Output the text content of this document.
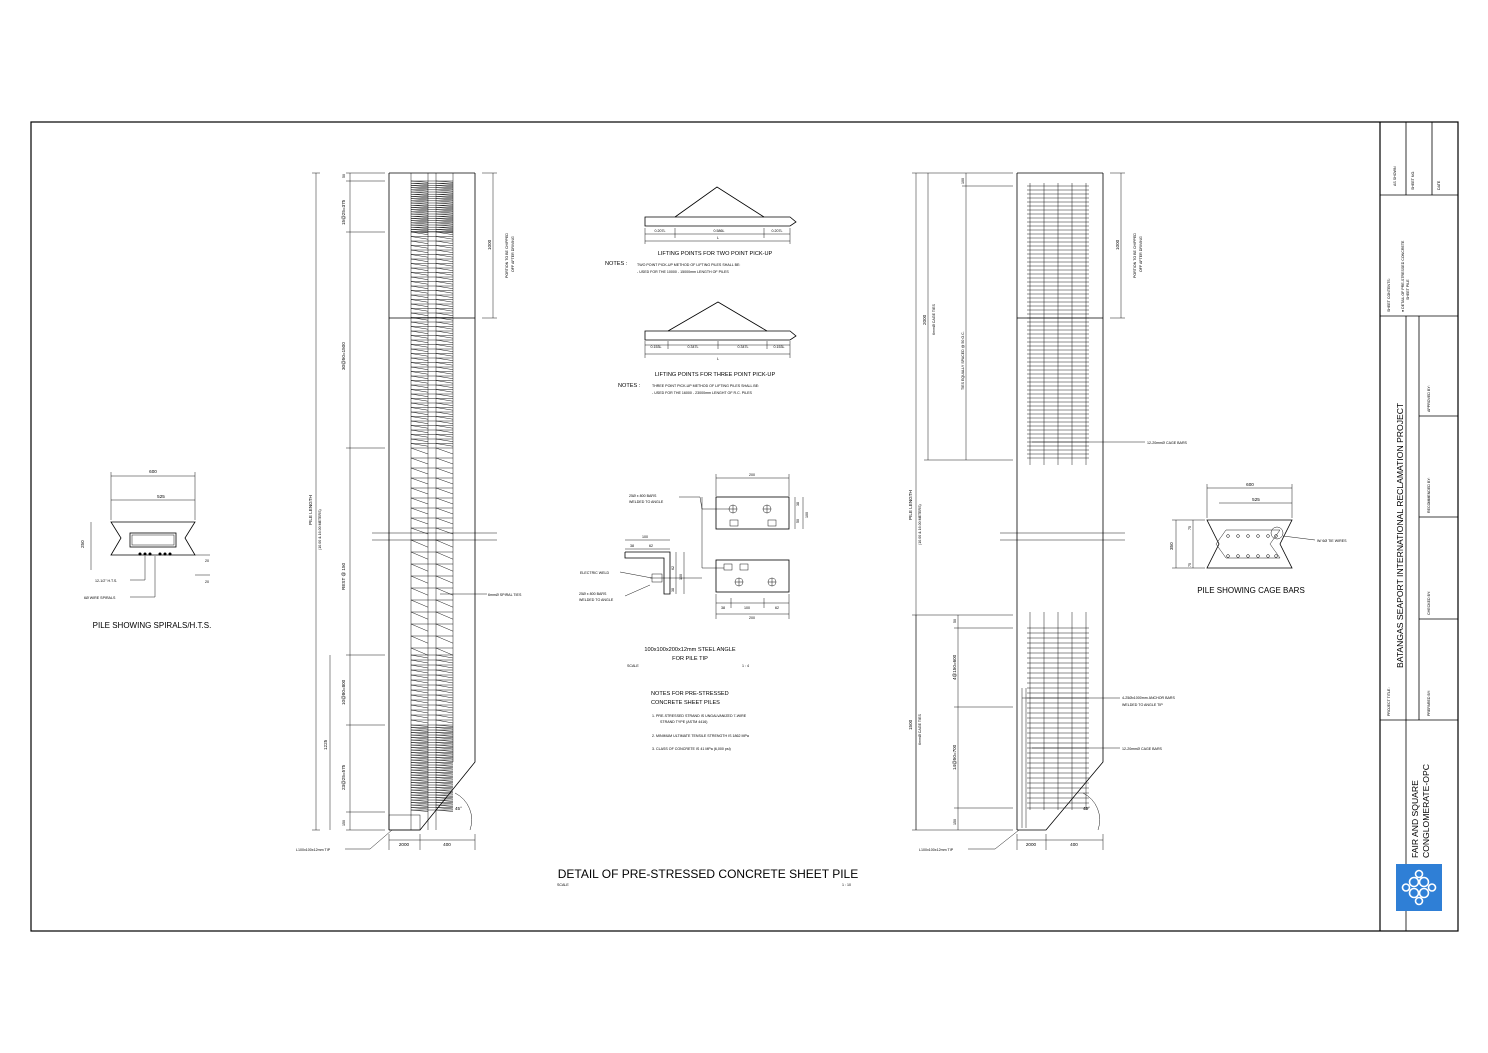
600
525
250
20
20
12-1/2" H.T.S.
6Ø WIRE SPIRALS
PILE SHOWING SPIRALS/H.T.S.
45°
50
15@25=375
30@50=1500
REST @ 150
10@80=800
23@25=575
150
1225
PILE LENGTH (10.00 & 16.00 METERS)
1000	PORTION TO BE CHIPPED OFF AFTER DRIVING
6mmØ SPIRAL TIES
2000	400
L100x100x12mm TIP
0.207L	0.586L	0.207L
L
LIFTING POINTS FOR TWO POINT PICK-UP
NOTES :	TWO POINT PICK-UP METHOD OF LIFTING PILES SHALL BE:
- USED FOR THE 10000 - 15000mm LENGTH OF PILES
0.153L	0.347L	0.347L	0.153L
L
LIFTING POINTS FOR THREE POINT PICK-UP
NOTES :	THREE POINT PICK-UP METHOD OF LIFTING PILES SHALL BE:
- USED FOR THE 16000 - 23000mm LENGHT OF R.C. PILES
200
38
50
100
25Ø x 800 BARS
WELDED TO ANGLE
100
38	62
ELECTRIC WELD
62
38
100
25Ø x 800 BARS
WELDED TO ANGLE
38	100	62
200
100x100x200x12mm STEEL ANGLE
FOR PILE TIP
SCALE	1 : 4
NOTES FOR PRE-STRESSED
CONCRETE SHEET PILES
1. PRE-STRESSED STRAND IS UNGALVANIZED 7-WIRE
STRAND TYPE (ASTM 4416)
2. MINIMUM ULTIMATE TENSILE STRENGTH IS 1862 MPa
3. CLASS OF CONCRETE IS 41 MPa (6,000 psi)
45°
PILE LENGTH (10.00 & 16.00 METERS)
2000 6mmØ CAGE TIES
100
TIES EQUALLY SPACED @ 50 O.C.
1500 6mmØ CAGE TIES
50
4@150=600
14@50=700
150
1000	PORTION TO BE CHIPPED OFF AFTER DRIVING
12-20mmØ CAGE BARS
4-25Øx1000mm ANCHOR BARS
WELDED TO ANGLE TIP
12-20mmØ CAGE BARS
2000	400
L100x100x12mm TIP
W/ 6Ø TIE WIRES
600
525
350
75
75
PILE SHOWING CAGE BARS
DETAIL OF PRE-STRESSED CONCRETE SHEET PILE
SCALE	1 : 10
AS SHOWN	SHEET NO.	DATE
SHEET CONTENTS:	● DETAIL OF PRE-STRESSED CONCRETE SHEET PILE
PROJECT TITLE :
BATANGAS SEAPORT INTERNATIONAL RECLAMATION PROJECT
PREPARED BY:
CHECKED BY:
RECOMMENDED BY:
APPROVED BY:
FAIR AND SQUARE CONGLOMERATE-OPC
